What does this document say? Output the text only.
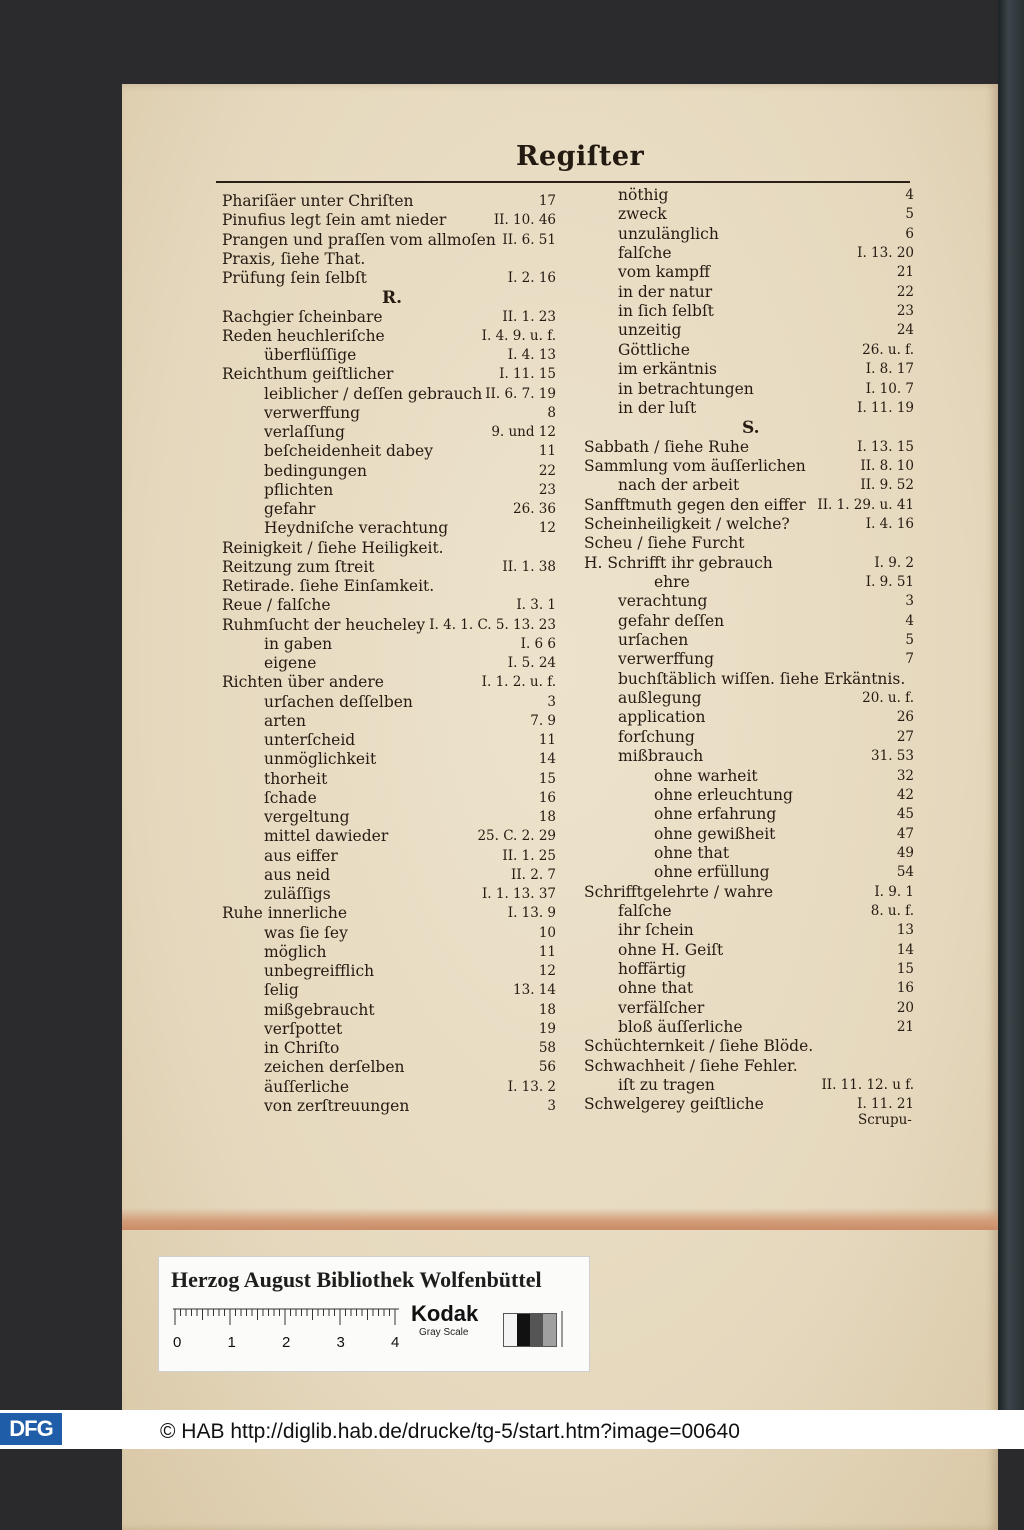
Regiſter
Scrupu-
Herzog August Bibliothek Wolfenbüttel
0	1	2	3	4
Kodak
Gray Scale
DFG	© HAB http://diglib.hab.de/drucke/tg-5/start.htm?image=00640
Phariſäer unter Chriſten	17
Pinufius legt ſein amt nieder	II. 10. 46
Prangen und praſſen vom allmoſen II. 6. 51
Praxis, ſiehe That.
Prüfung ſein ſelbſt	I. 2. 16
R.
Rachgier ſcheinbare	II. 1. 23
Reden heuchleriſche	I. 4. 9. u. f.
überflüſſige	I. 4. 13
Reichthum geiſtlicher	I. 11. 15
leiblicher / deſſen gebrauch II. 6. 7. 19
verwerffung	8
verlaſſung	9. und 12
beſcheidenheit dabey	11
bedingungen	22
pflichten	23
gefahr	26. 36
Heydniſche verachtung	12
Reinigkeit / ſiehe Heiligkeit.
Reitzung zum ſtreit	II. 1. 38
Retirade. ſiehe Einſamkeit.
Reue / falſche	I. 3. 1
Ruhmſucht der heucheley I. 4. 1. C. 5. 13. 23
in gaben	I. 6 6
eigene	I. 5. 24
Richten über andere	I. 1. 2. u. f.
urſachen deſſelben	3
arten	7. 9
unterſcheid	11
unmöglichkeit	14
thorheit	15
ſchade	16
vergeltung	18
mittel dawieder	25. C. 2. 29
aus eiffer	II. 1. 25
aus neid	II. 2. 7
zuläſſigs	I. 1. 13. 37
Ruhe innerliche	I. 13. 9
was ſie ſey	10
möglich	11
unbegreifflich	12
ſelig	13. 14
mißgebraucht	18
verſpottet	19
in Chriſto	58
zeichen derſelben	56
äuſſerliche	I. 13. 2
von zerſtreuungen	3
nöthig	4
zweck	5
unzulänglich	6
falſche	I. 13. 20
vom kampff	21
in der natur	22
in ſich ſelbſt	23
unzeitig	24
Göttliche	26. u. f.
im erkäntnis	I. 8. 17
in betrachtungen	I. 10. 7
in der luſt	I. 11. 19
S.
Sabbath / ſiehe Ruhe	I. 13. 15
Sammlung vom äuſſerlichen	II. 8. 10
nach der arbeit	II. 9. 52
Sanfftmuth gegen den eiffer II. 1. 29. u. 41
Scheinheiligkeit / welche?	I. 4. 16
Scheu / ſiehe Furcht
H. Schrifft ihr gebrauch	I. 9. 2
ehre	I. 9. 51
verachtung	3
gefahr deſſen	4
urſachen	5
verwerffung	7
buchſtäblich wiſſen. ſiehe Erkäntnis.
außlegung	20. u. f.
application	26
forſchung	27
mißbrauch	31. 53
ohne warheit	32
ohne erleuchtung	42
ohne erfahrung	45
ohne gewißheit	47
ohne that	49
ohne erfüllung	54
Schrifftgelehrte / wahre	I. 9. 1
falſche	8. u. f.
ihr ſchein	13
ohne H. Geiſt	14
hoffärtig	15
ohne that	16
verfälſcher	20
bloß äuſſerliche	21
Schüchternkeit / ſiehe Blöde.
Schwachheit / ſiehe Fehler.
iſt zu tragen	II. 11. 12. u f.
Schwelgerey geiſtliche	I. 11. 21
